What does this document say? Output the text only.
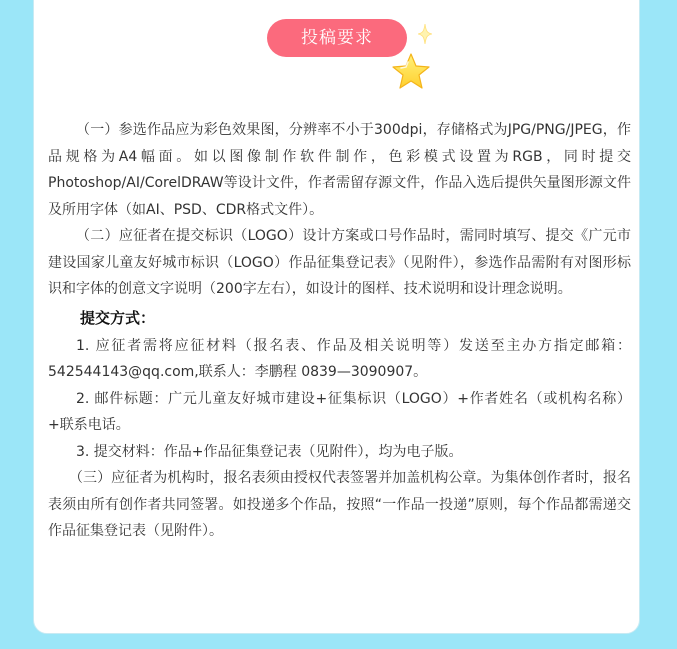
投稿要求

（一）参选作品应为彩色效果图，分辨率不小于300dpi，存储格式为JPG/PNG/JPEG，作品规格为A4幅面。如以图像制作软件制作，色彩模式设置为RGB，同时提交Photoshop/AI/CorelDRAW等设计文件，作者需留存源文件，作品入选后提供矢量图形源文件及所用字体（如AI、PSD、CDR格式文件）。

（二）应征者在提交标识（LOGO）设计方案或口号作品时，需同时填写、提交《广元市建设国家儿童友好城市标识（LOGO）作品征集登记表》（见附件），参选作品需附有对图形标识和字体的创意文字说明（200字左右），如设计的图样、技术说明和设计理念说明。

提交方式：

1. 应征者需将应征材料（报名表、作品及相关说明等）发送至主办方指定邮箱：542544143@qq.com,联系人：李鹏程 0839—3090907。

2. 邮件标题：广元儿童友好城市建设+征集标识（LOGO）+作者姓名（或机构名称）+联系电话。

3. 提交材料：作品+作品征集登记表（见附件），均为电子版。

（三）应征者为机构时，报名表须由授权代表签署并加盖机构公章。为集体创作者时，报名表须由所有创作者共同签署。如投递多个作品，按照“一作品一投递”原则，每个作品都需递交作品征集登记表（见附件）。
